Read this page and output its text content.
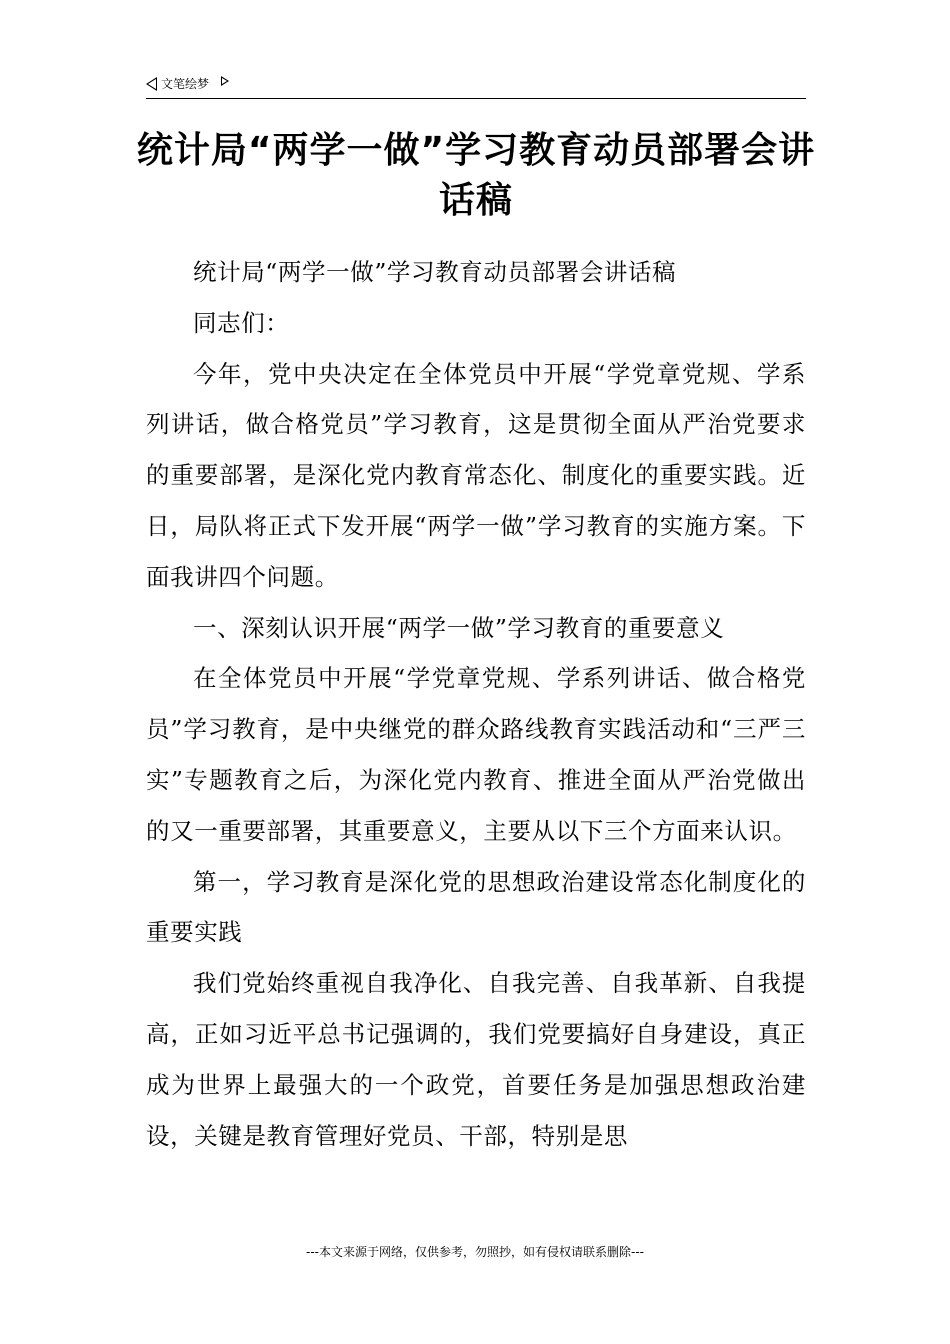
文笔绘梦
统计局“两学一做”学习教育动员部署会讲话稿

统计局“两学一做”学习教育动员部署会讲话稿

同志们：

今年，党中央决定在全体党员中开展“学党章党规、学系列讲话，做合格党员”学习教育，这是贯彻全面从严治党要求的重要部署，是深化党内教育常态化、制度化的重要实践。近日，局队将正式下发开展“两学一做”学习教育的实施方案。下面我讲四个问题。

一、深刻认识开展“两学一做”学习教育的重要意义

在全体党员中开展“学党章党规、学系列讲话、做合格党员”学习教育，是中央继党的群众路线教育实践活动和“三严三实”专题教育之后，为深化党内教育、推进全面从严治党做出的又一重要部署，其重要意义，主要从以下三个方面来认识。

第一，学习教育是深化党的思想政治建设常态化制度化的重要实践

我们党始终重视自我净化、自我完善、自我革新、自我提高，正如习近平总书记强调的，我们党要搞好自身建设，真正成为世界上最强大的一个政党，首要任务是加强思想政治建设，关键是教育管理好党员、干部，特别是思

---本文来源于网络，仅供参考，勿照抄，如有侵权请联系删除---
